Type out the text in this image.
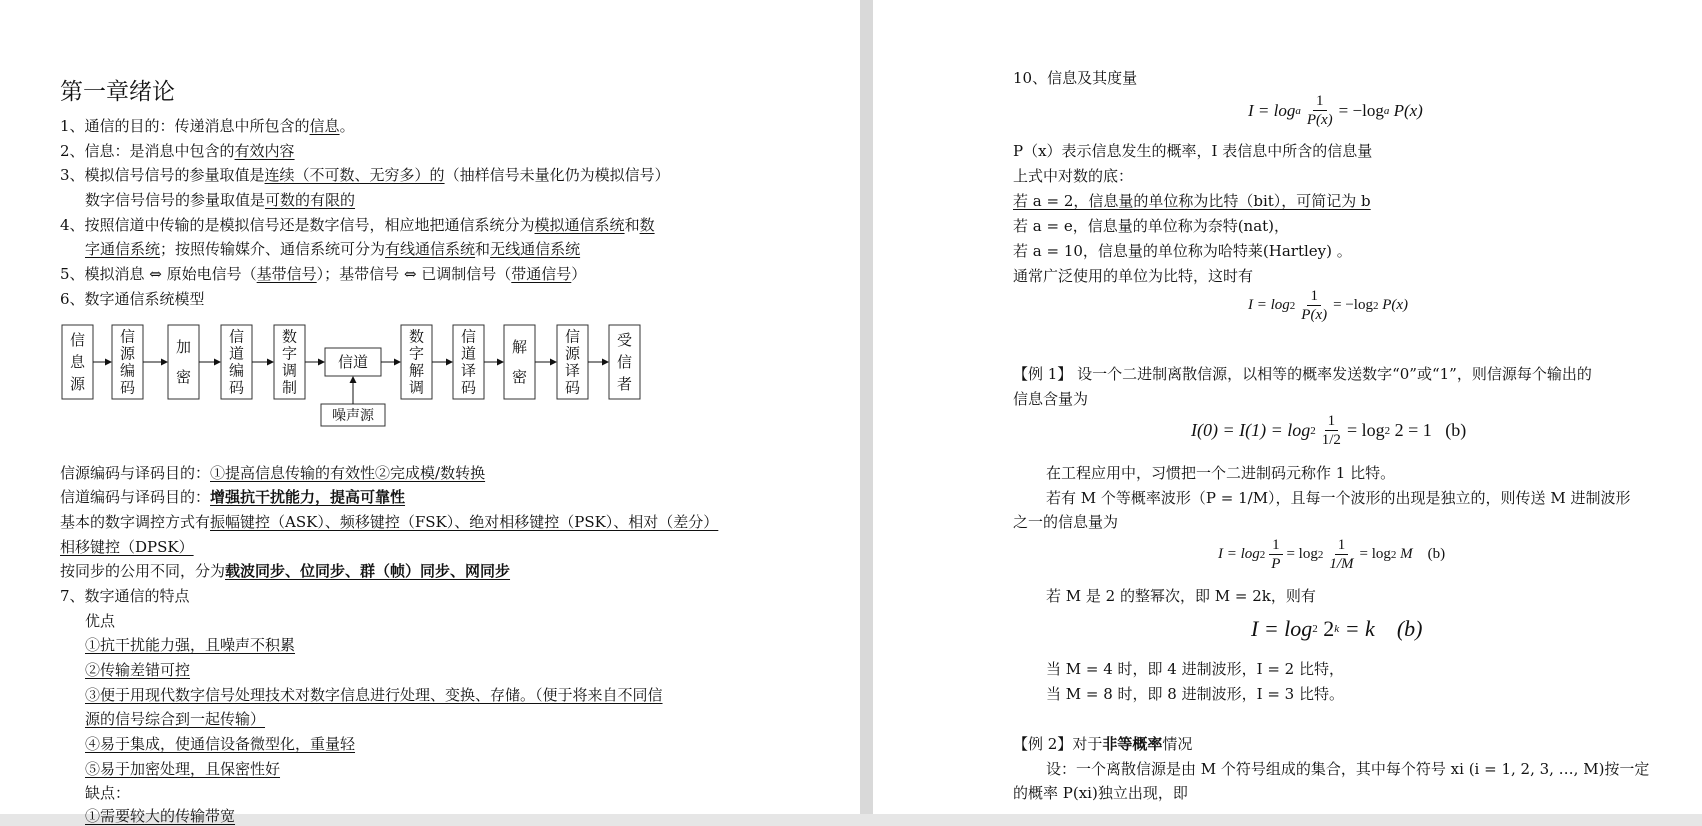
第一章绪论
1、通信的目的：传递消息中所包含的信息。
2、信息：是消息中包含的有效内容
3、模拟信号信号的参量取值是连续（不可数、无穷多）的（抽样信号未量化仍为模拟信号）
数字信号信号的参量取值是可数的有限的
4、按照信道中传输的是模拟信号还是数字信号，相应地把通信系统分为模拟通信系统和数
字通信系统；按照传输媒介、通信系统可分为有线通信系统和无线通信系统
5、模拟消息 ⇔ 原始电信号（基带信号）；基带信号 ⇔ 已调制信号（带通信号）
6、数字通信系统模型
信息源
信源编码
加密
信道编码
数字调制
信道
数字解调
信道译码
解密
信源译码
受信者
噪声源
信源编码与译码目的：①提高信息传输的有效性②完成模/数转换
信道编码与译码目的：增强抗干扰能力，提高可靠性
基本的数字调控方式有振幅键控（ASK）、频移键控（FSK）、绝对相移键控（PSK）、相对（差分）
相移键控（DPSK）
按同步的公用不同，分为载波同步、位同步、群（帧）同步、网同步
7、数字通信的特点
优点
①抗干扰能力强，且噪声不积累
②传输差错可控
③便于用现代数字信号处理技术对数字信息进行处理、变换、存储。（便于将来自不同信
源的信号综合到一起传输）
④易于集成，使通信设备微型化，重量轻
⑤易于加密处理，且保密性好
缺点：
①需要较大的传输带宽
10、信息及其度量
I = log a $\frac{1}{P(x)} = -\log$ a
P(x)
P（x）表示信息发生的概率，I 表信息中所含的信息量
上式中对数的底：
若 a = 2，信息量的单位称为比特（bit），可简记为 b
若 a = e，信息量的单位称为奈特(nat)，
若 a = 10，信息量的单位称为哈特莱(Hartley) 。
通常广泛使用的单位为比特，这时有
$I = \log 2 \frac{1}{P(x)} = -\log$ 2
P(x)
【例 1】 设一个二进制离散信源，以相等的概率发送数字“0”或“1”，则信源每个输出的
信息含量为
$I(0) = I(1) = \log 2 \frac{1}{1/2} = \log 2$
2 = 1
(b)
在工程应用中，习惯把一个二进制码元称作 1 比特。
若有 M 个等概率波形（P = 1/M），且每一个波形的出现是独立的，则传送 M 进制波形
之一的信息量为
$I = \log 2 \frac{1}{P} = \log 2 \frac{1}{1/M} = \log 2$
M
(b)
若 M 是 2 的整幂次，即 M = 2k，则有
I = log 2
2 k
= k
(b)
当 M = 4 时，即 4 进制波形，I = 2 比特，
当 M = 8 时，即 8 进制波形，I = 3 比特。
【例 2】对于非等概率情况
设：一个离散信源是由 M 个符号组成的集合，其中每个符号 xi (i = 1, 2, 3, …, M)按一定
的概率 P(xi)独立出现，即
